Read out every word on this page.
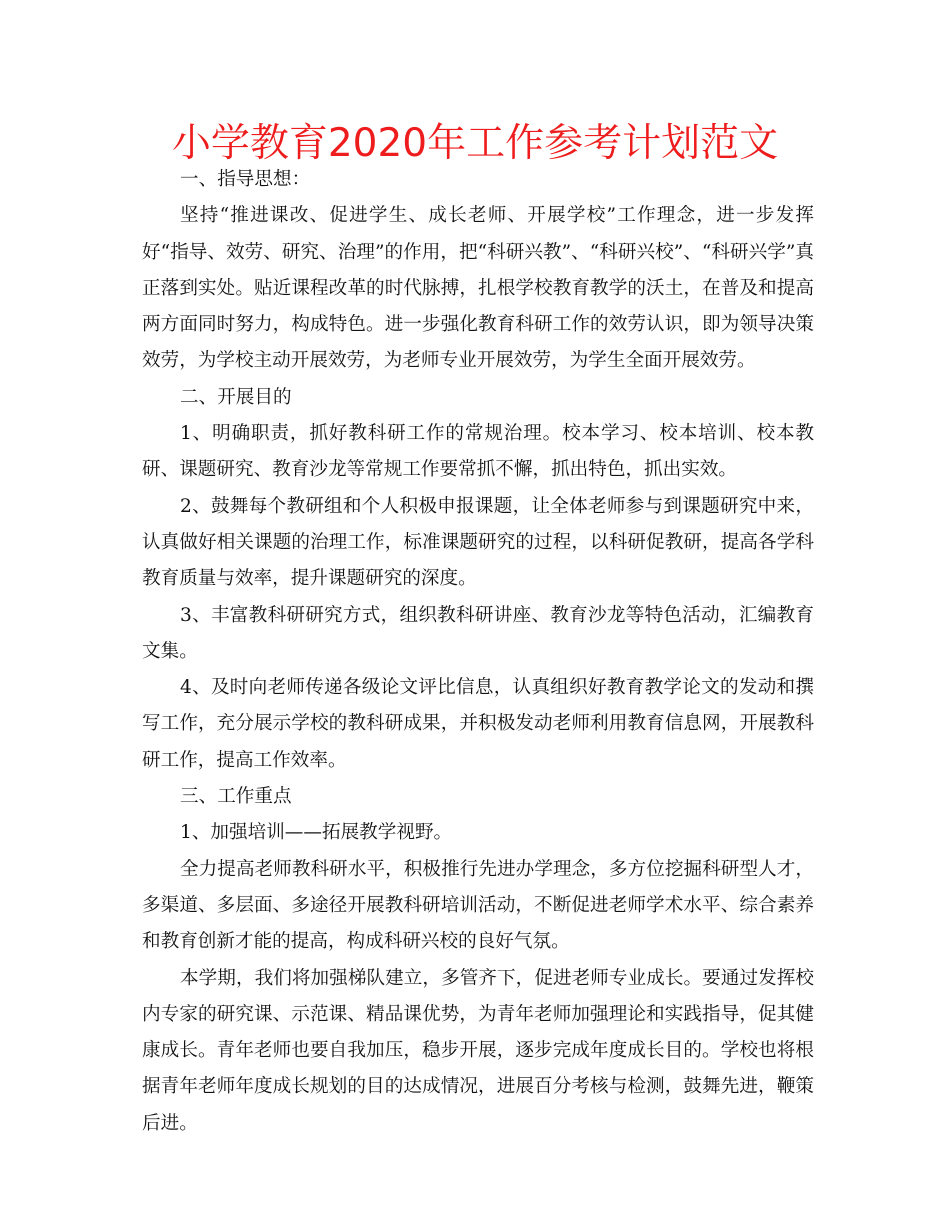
小学教育2020年工作参考计划范文

一、指导思想：

坚持“推进课改、促进学生、成长老师、开展学校”工作理念，进一步发挥好“指导、效劳、研究、治理”的作用，把“科研兴教”、“科研兴校”、“科研兴学”真正落到实处。贴近课程改革的时代脉搏，扎根学校教育教学的沃土，在普及和提高两方面同时努力，构成特色。进一步强化教育科研工作的效劳认识，即为领导决策效劳，为学校主动开展效劳，为老师专业开展效劳，为学生全面开展效劳。

二、开展目的

1、明确职责，抓好教科研工作的常规治理。校本学习、校本培训、校本教研、课题研究、教育沙龙等常规工作要常抓不懈，抓出特色，抓出实效。

2、鼓舞每个教研组和个人积极申报课题，让全体老师参与到课题研究中来，认真做好相关课题的治理工作，标准课题研究的过程，以科研促教研，提高各学科教育质量与效率，提升课题研究的深度。

3、丰富教科研研究方式，组织教科研讲座、教育沙龙等特色活动，汇编教育文集。

4、及时向老师传递各级论文评比信息，认真组织好教育教学论文的发动和撰写工作，充分展示学校的教科研成果，并积极发动老师利用教育信息网，开展教科研工作，提高工作效率。

三、工作重点

1、加强培训——拓展教学视野。

全力提高老师教科研水平，积极推行先进办学理念，多方位挖掘科研型人才，多渠道、多层面、多途径开展教科研培训活动，不断促进老师学术水平、综合素养和教育创新才能的提高，构成科研兴校的良好气氛。

本学期，我们将加强梯队建立，多管齐下，促进老师专业成长。要通过发挥校内专家的研究课、示范课、精品课优势，为青年老师加强理论和实践指导，促其健康成长。青年老师也要自我加压，稳步开展，逐步完成年度成长目的。学校也将根据青年老师年度成长规划的目的达成情况，进展百分考核与检测，鼓舞先进，鞭策后进。
